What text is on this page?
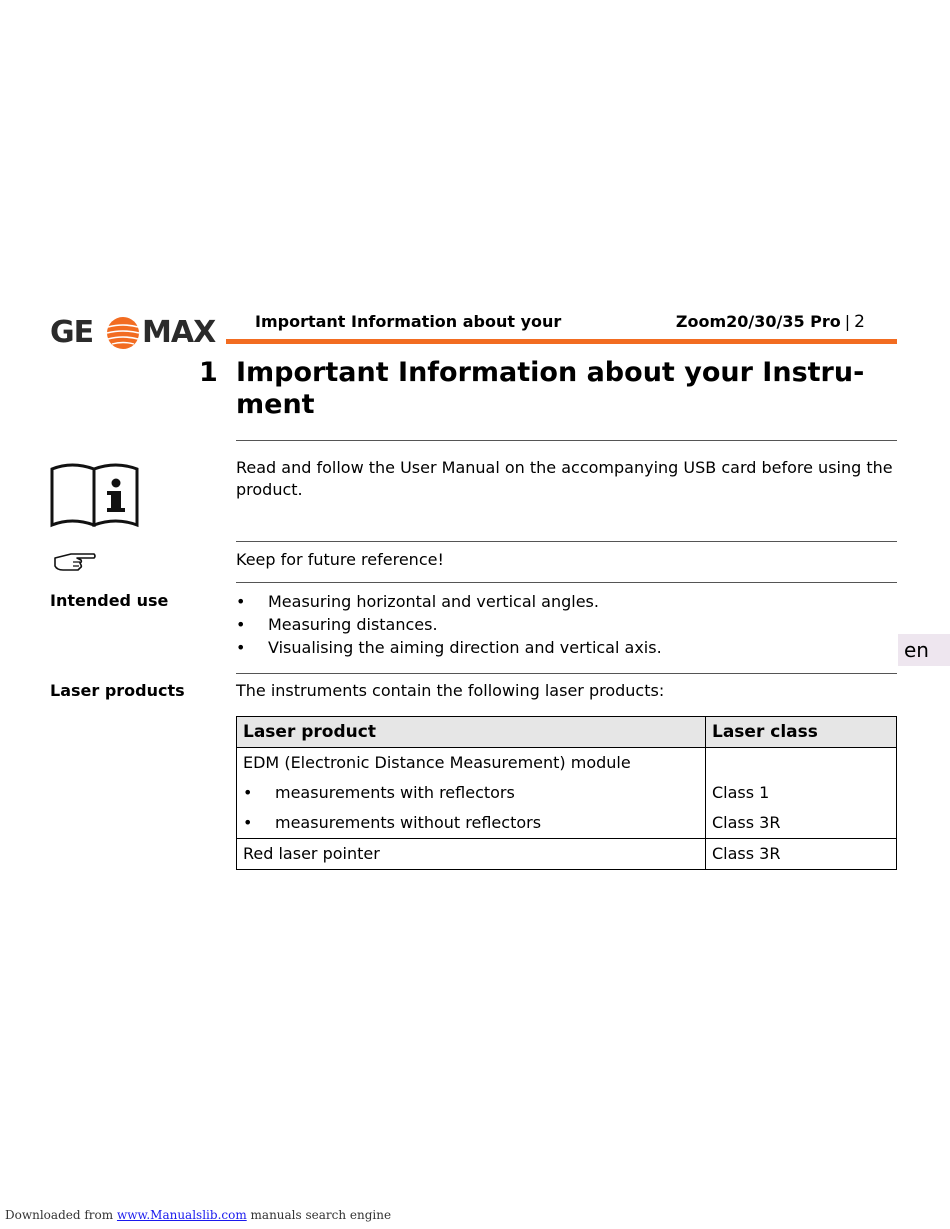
GE MAX Important Information about your	Zoom20/30/35 Pro | 2
1 Important Information about your Instru-
ment
Read and follow the User Manual on the accompanying USB card before using the product.
Keep for future reference!
Intended use	• Measuring horizontal and vertical angles.
• Measuring distances.
• Visualising the aiming direction and vertical axis.	en
Laser products	The instruments contain the following laser products:
Laser product	Laser class
EDM (Electronic Distance Measurement) module	
• measurements with reflectors	Class 1
• measurements without reflectors	Class 3R
Red laser pointer	Class 3R
Downloaded from www.Manualslib.com manuals search engine
